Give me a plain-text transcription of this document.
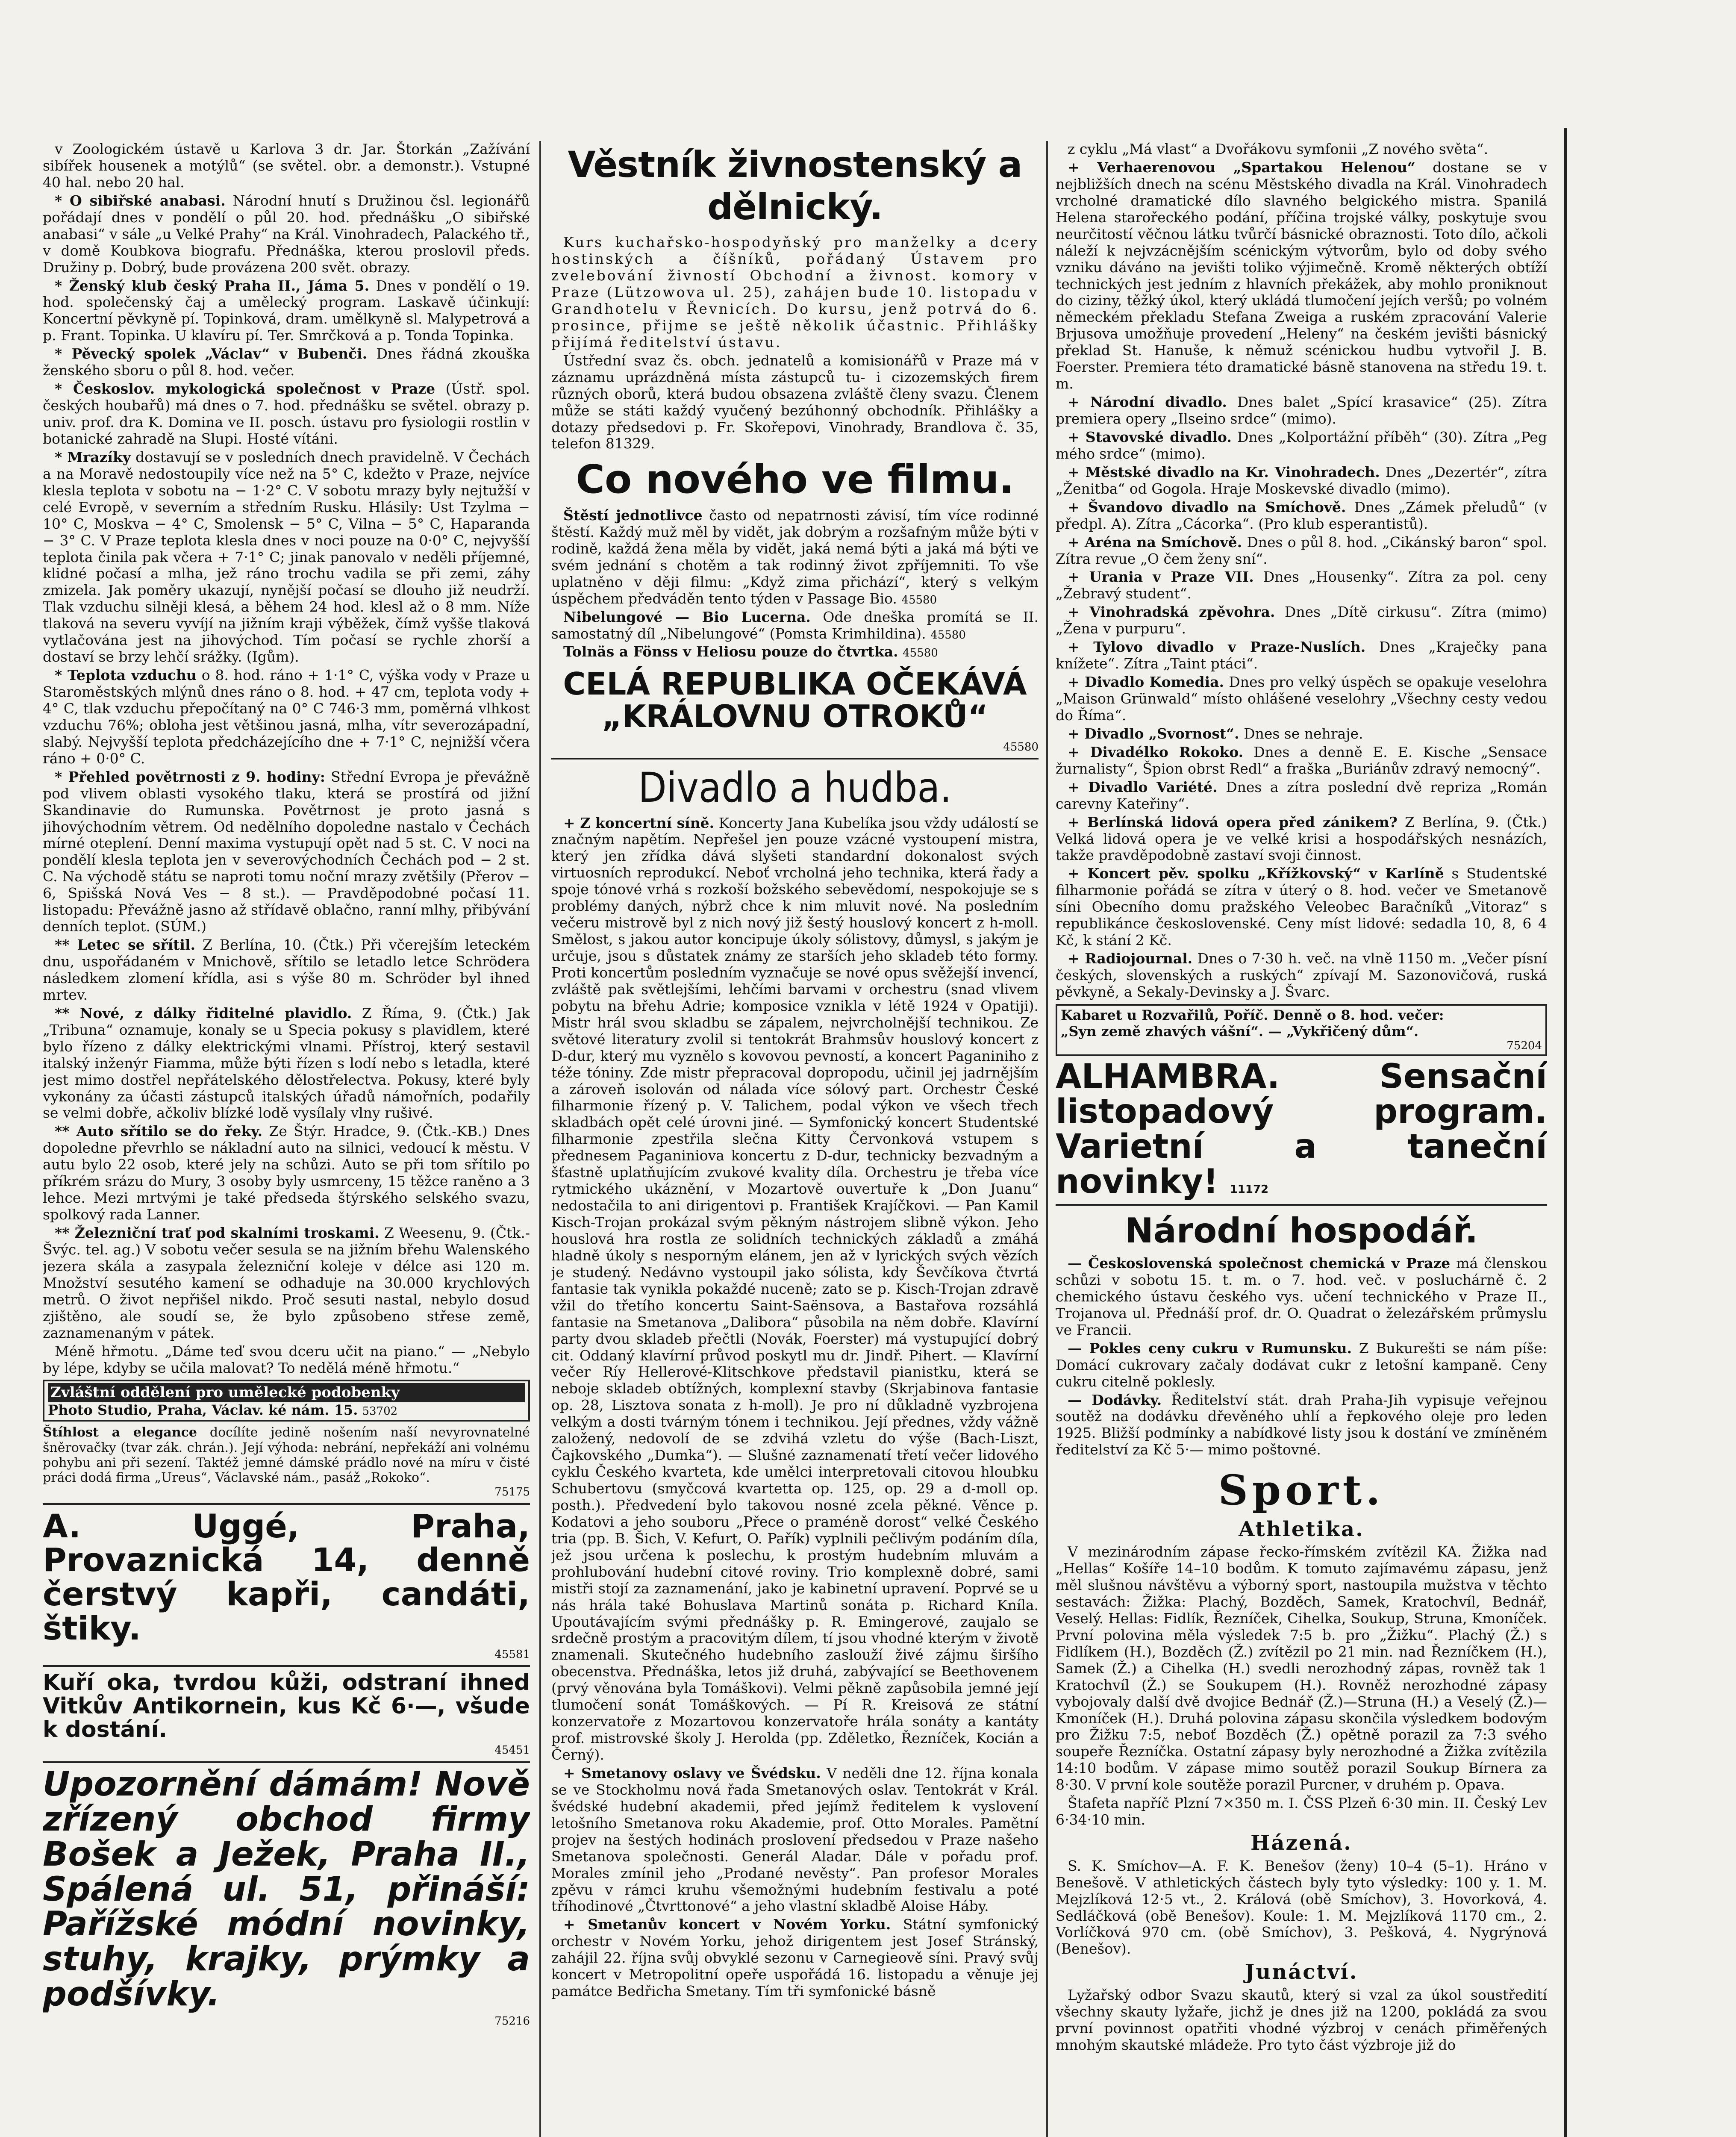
v Zoologickém ústavě u Karlova 3 dr. Jar. Štorkán „Zažívání sibířek housenek a motýlů“ (se světel. obr. a demonstr.). Vstupné 40 hal. nebo 20 hal.

* O sibiřské anabasi. Národní hnutí s Družinou čsl. legionářů pořádají dnes v pondělí o půl 20. hod. přednášku „O sibiřské anabasi“ v sále „u Velké Prahy“ na Král. Vinohradech, Palackého tř., v domě Koubkova biografu. Přednáška, kterou proslovil předs. Družiny p. Dobrý, bude provázena 200 svět. obrazy.

* Ženský klub český Praha II., Jáma 5. Dnes v pondělí o 19. hod. společenský čaj a umělecký program. Laskavě účinkují: Koncertní pěvkyně pí. Topinková, dram. umělkyně sl. Malypetrová a p. Frant. Topinka. U klavíru pí. Ter. Smrčková a p. Tonda Topinka.

* Pěvecký spolek „Václav“ v Bubenči. Dnes řádná zkouška ženského sboru o půl 8. hod. večer.

* Českoslov. mykologická společnost v Praze (Ústř. spol. českých houbařů) má dnes o 7. hod. přednášku se světel. obrazy p. univ. prof. dra K. Domina ve II. posch. ústavu pro fysiologii rostlin v botanické zahradě na Slupi. Hosté vítáni.

* Mrazíky dostavují se v posledních dnech pravidelně. V Čechách a na Moravě nedostoupily více než na 5° C, kdežto v Praze, nejvíce klesla teplota v sobotu na − 1·2° C. V sobotu mrazy byly nejtužší v celé Evropě, v severním a středním Rusku. Hlásily: Ust Tzylma − 10° C, Moskva − 4° C, Smolensk − 5° C, Vilna − 5° C, Haparanda − 3° C. V Praze teplota klesla dnes v noci pouze na 0·0° C, nejvyšší teplota činila pak včera + 7·1° C; jinak panovalo v neděli příjemné, klidné počasí a mlha, jež ráno trochu vadila se při zemi, záhy zmizela. Jak poměry ukazují, nynější počasí se dlouho již neudrží. Tlak vzduchu silněji klesá, a během 24 hod. klesl až o 8 mm. Níže tlaková na severu vyvíjí na jižním kraji výběžek, čímž vyšše tlaková vytlačována jest na jihovýchod. Tím počasí se rychle zhorší a dostaví se brzy lehčí srážky. (Igům).

* Teplota vzduchu o 8. hod. ráno + 1·1° C, výška vody v Praze u Staroměstských mlýnů dnes ráno o 8. hod. + 47 cm, teplota vody + 4° C, tlak vzduchu přepočítaný na 0° C 746·3 mm, poměrná vlhkost vzduchu 76%; obloha jest většinou jasná, mlha, vítr severozápadní, slabý. Nejvyšší teplota předcházejícího dne + 7·1° C, nejnižší včera ráno + 0·0° C.

* Přehled povětrnosti z 9. hodiny: Střední Evropa je převážně pod vlivem oblasti vysokého tlaku, která se prostírá od jižní Skandinavie do Rumunska. Povětrnost je proto jasná s jihovýchodním větrem. Od nedělního dopoledne nastalo v Čechách mírné oteplení. Denní maxima vystupují opět nad 5 st. C. V noci na pondělí klesla teplota jen v severovýchodních Čechách pod − 2 st. C. Na východě státu se naproti tomu noční mrazy zvětšily (Přerov − 6, Spišská Nová Ves − 8 st.). — Pravděpodobné počasí 11. listopadu: Převážně jasno až střídavě oblačno, ranní mlhy, přibývání denních teplot. (SÚM.)

** Letec se sřítil. Z Berlína, 10. (Čtk.) Při včerejším leteckém dnu, uspořádaném v Mnichově, sřítilo se letadlo letce Schrödera následkem zlomení křídla, asi s výše 80 m. Schröder byl ihned mrtev.

** Nové, z dálky řiditelné plavidlo. Z Říma, 9. (Čtk.) Jak „Tribuna“ oznamuje, konaly se u Specia pokusy s plavidlem, které bylo řízeno z dálky elektrickými vlnami. Přístroj, který sestavil italský inženýr Fiamma, může býti řízen s lodí nebo s letadla, které jest mimo dostřel nepřátelského dělostřelectva. Pokusy, které byly vykonány za účasti zástupců italských úřadů námořních, podařily se velmi dobře, ačkoliv blízké lodě vysílaly vlny rušivé.

** Auto sřítilo se do řeky. Ze Štýr. Hradce, 9. (Čtk.-KB.) Dnes dopoledne převrhlo se nákladní auto na silnici, vedoucí k městu. V autu bylo 22 osob, které jely na schůzi. Auto se při tom sřítilo po příkrém srázu do Mury, 3 osoby byly usmrceny, 15 těžce raněno a 3 lehce. Mezi mrtvými je také předseda štýrského selského svazu, spolkový rada Lanner.

** Železniční trať pod skalními troskami. Z Weesenu, 9. (Čtk.-Švýc. tel. ag.) V sobotu večer sesula se na jižním břehu Walenského jezera skála a zasypala železniční koleje v délce asi 120 m. Množství sesutého kamení se odhaduje na 30.000 krychlových metrů. O život nepřišel nikdo. Proč sesuti nastal, nebylo dosud zjištěno, ale soudí se, že bylo způsobeno střese země, zaznamenaným v pátek.

Méně hřmotu. „Dáme teď svou dceru učit na piano.“ — „Nebylo by lépe, kdyby se učila malovat? To nedělá méně hřmotu.“

Zvláštní oddělení pro umělecké podobenky
Photo Studio, Praha, Václav. ké nám. 15. 53702
Štíhlost a elegance docílíte jedině nošením naší nevyrovnatelné šněrovačky (tvar zák. chrán.). Její výhoda: nebrání, nepřekáží ani volnému pohybu ani při sezení. Taktéž jemné dámské prádlo nové na míru v čisté práci dodá firma „Ureus“, Václavské nám., pasáž „Rokoko“.
75175
A. Uggé, Praha, Provaznická 14, denně čerstvý kapři, candáti, štiky.
45581
Kuří oka, tvrdou kůži, odstraní ihned Vitkův Antikornein, kus Kč 6·—, všude k dostání.
45451
Upozornění dámám! Nově zřízený obchod firmy Bošek a Ježek, Praha II., Spálená ul. 51, přináší: Pařížské módní novinky, stuhy, krajky, prýmky a podšívky.
75216
Věstník živnostenský a dělnický.

Kurs kuchařsko-hospodyňský pro manželky a dcery hostinských a číšníků, pořádaný Ústavem pro zvelebování živností Obchodní a živnost. komory v Praze (Lützowova ul. 25), zahájen bude 10. listopadu v Grandhotelu v Řevnicích. Do kursu, jenž potrvá do 6. prosince, přijme se ještě několik účastnic. Přihlášky přijímá ředitelství ústavu.

Ústřední svaz čs. obch. jednatelů a komisionářů v Praze má v záznamu uprázdněná místa zástupců tu- i cizozemských firem různých oborů, která budou obsazena zvláště členy svazu. Členem může se státi každý vyučený bezúhonný obchodník. Přihlášky a dotazy předsedovi p. Fr. Skořepovi, Vinohrady, Brandlova č. 35, telefon 81329.

Co nového ve filmu.

Štěstí jednotlivce často od nepatrnosti závisí, tím více rodinné štěstí. Každý muž měl by vidět, jak dobrým a rozšafným může býti v rodině, každá žena měla by vidět, jaká nemá býti a jaká má býti ve svém jednání s chotěm a tak rodinný život zpříjemniti. To vše uplatněno v ději filmu: „Když zima přichází“, který s velkým úspěchem předváděn tento týden v Passage Bio. 45580

Nibelungové — Bio Lucerna. Ode dneška promítá se II. samostatný díl „Nibelungové“ (Pomsta Krimhildina). 45580

Tolnäs a Fönss v Heliosu pouze do čtvrtka. 45580

CELÁ REPUBLIKA OČEKÁVÁ „KRÁLOVNU OTROKŮ“
45580
Divadlo a hudba.

+ Z koncertní síně. Koncerty Jana Kubelíka jsou vždy událostí se značným napětím. Nepřešel jen pouze vzácné vystoupení mistra, který jen zřídka dává slyšeti standardní dokonalost svých virtuosních reprodukcí. Neboť vrcholná jeho technika, která řady a spoje tónové vrhá s rozkoší božského sebevědomí, nespokojuje se s problémy daných, nýbrž chce k nim mluvit nové. Na posledním večeru mistrově byl z nich nový již šestý houslový koncert z h-moll. Smělost, s jakou autor koncipuje úkoly sólistovy, důmysl, s jakým je určuje, jsou s důstatek známy ze starších jeho skladeb této formy. Proti koncertům posledním vyznačuje se nové opus svěžejší invencí, zvláště pak světlejšími, lehčími barvami v orchestru (snad vlivem pobytu na břehu Adrie; komposice vznikla v létě 1924 v Opatiji). Mistr hrál svou skladbu se zápalem, nejvrcholnější technikou. Ze světové literatury zvolil si tentokrát Brahmsův houslový koncert z D-dur, který mu vyznělo s kovovou pevností, a koncert Paganiniho z téže tóniny. Zde mistr přepracoval dopropodu, učinil jej jadrnějším a zároveň isolován od nálada více sólový part. Orchestr České filharmonie řízený p. V. Talichem, podal výkon ve všech třech skladbách opět celé úrovni jiné. — Symfonický koncert Studentské filharmonie zpestřila slečna Kitty Červonková vstupem s přednesem Paganiniova koncertu z D-dur, technicky bezvadným a šťastně uplatňujícím zvukové kvality díla. Orchestru je třeba více rytmického ukáznění, v Mozartově ouvertuře k „Don Juanu“ nedostačila to ani dirigentovi p. František Krajíčkovi. — Pan Kamil Kisch-Trojan prokázal svým pěkným nástrojem slibně výkon. Jeho houslová hra rostla ze solidních technických základů a zmáhá hladně úkoly s nesporným elánem, jen až v lyrických svých vězích je studený. Nedávno vystoupil jako sólista, kdy Ševčíkova čtvrtá fantasie tak vynikla pokaždé nuceně; zato se p. Kisch-Trojan zdravě vžil do třetího koncertu Saint-Saënsova, a Bastařova rozsáhlá fantasie na Smetanova „Dalibora“ působila na něm dobře. Klavírní party dvou skladeb přečtli (Novák, Foerster) má vystupující dobrý cit. Oddaný klavírní průvod poskytl mu dr. Jindř. Pihert. — Klavírní večer Ríy Hellerové-Klitschkove představil pianistku, která se neboje skladeb obtížných, komplexní stavby (Skrjabinova fantasie op. 28, Lisztova sonata z h-moll). Je pro ní důkladně vyzbrojena velkým a dosti tvárným tónem i technikou. Její přednes, vždy vážně založený, nedovolí de se zdvihá vzletu do výše (Bach-Liszt, Čajkovského „Dumka“). — Slušné zaznamenatí třetí večer lidového cyklu Českého kvarteta, kde umělci interpretovali citovou hloubku Schubertovu (smyčcová kvartetta op. 125, op. 29 a d-moll op. posth.). Předvedení bylo takovou nosné zcela pěkné. Věnce p. Kodatovi a jeho souboru „Přece o praméně dorost“ velké Českého tria (pp. B. Šich, V. Kefurt, O. Pařík) vyplnili pečlivým podáním díla, jež jsou určena k poslechu, k prostým hudebním mluvám a prohlubování hudební citové roviny. Trio komplexně dobré, sami mistři stojí za zaznamenání, jako je kabinetní upravení. Poprvé se u nás hrála také Bohuslava Martinů sonáta p. Richard Kníla. Upoutávajícím svými přednášky p. R. Emingerové, zaujalo se srdečně prostým a pracovitým dílem, tí jsou vhodné kterým v životě znamenali. Skutečného hudebního zaslouží živé zájmu širšího obecenstva. Přednáška, letos již druhá, zabývající se Beethovenem (prvý věnována byla Tomáškovi). Velmi pěkně zapůsobila jemné její tlumočení sonát Tomáškových. — Pí R. Kreisová ze státní konzervatoře z Mozartovou konzervatoře hrála sonáty a kantáty prof. mistrovské školy J. Herolda (pp. Zděletko, Řezníček, Kocián a Černý).

+ Smetanovy oslavy ve Švédsku. V neděli dne 12. října konala se ve Stockholmu nová řada Smetanových oslav. Tentokrát v Král. švédské hudební akademii, před jejímž ředitelem k vyslovení letošního Smetanova roku Akademie, prof. Otto Morales. Pamětní projev na šestých hodinách proslovení předsedou v Praze našeho Smetanova společnosti. Generál Aladar. Dále v pořadu prof. Morales zmínil jeho „Prodané nevěsty“. Pan profesor Morales zpěvu v rámci kruhu všemožnými hudebním festivalu a poté tříhodinové „Čtvrttonové“ a jeho vlastní skladbě Aloise Háby.

+ Smetanův koncert v Novém Yorku. Státní symfonický orchestr v Novém Yorku, jehož dirigentem jest Josef Stránský, zahájil 22. října svůj obvyklé sezonu v Carnegieově síni. Pravý svůj koncert v Metropolitní opeře uspořádá 16. listopadu a věnuje jej památce Bedřicha Smetany. Tím tři symfonické básně

z cyklu „Má vlast“ a Dvořákovu symfonii „Z nového světa“.

+ Verhaerenovou „Spartakou Helenou“ dostane se v nejbližších dnech na scénu Městského divadla na Král. Vinohradech vrcholné dramatické dílo slavného belgického mistra. Spanilá Helena starořeckého podání, příčina trojské války, poskytuje svou neurčitostí věčnou látku tvůrčí básnické obraznosti. Toto dílo, ačkoli náleží k nejvzácnějším scénickým výtvorům, bylo od doby svého vzniku dáváno na jevišti toliko výjimečně. Kromě některých obtíží technických jest jedním z hlavních překážek, aby mohlo proniknout do ciziny, těžký úkol, který ukládá tlumočení jejích veršů; po volném německém překladu Stefana Zweiga a ruském zpracování Valerie Brjusova umožňuje provedení „Heleny“ na českém jevišti básnický překlad St. Hanuše, k němuž scénickou hudbu vytvořil J. B. Foerster. Premiera této dramatické básně stanovena na středu 19. t. m.

+ Národní divadlo. Dnes balet „Spící krasavice“ (25). Zítra premiera opery „Ilseino srdce“ (mimo).

+ Stavovské divadlo. Dnes „Kolportážní příběh“ (30). Zítra „Peg mého srdce“ (mimo).

+ Městské divadlo na Kr. Vinohradech. Dnes „Dezertér“, zítra „Ženitba“ od Gogola. Hraje Moskevské divadlo (mimo).

+ Švandovo divadlo na Smíchově. Dnes „Zámek přeludů“ (v předpl. A). Zítra „Cácorka“. (Pro klub esperantistů).

+ Aréna na Smíchově. Dnes o půl 8. hod. „Cikánský baron“ spol. Zítra revue „O čem ženy sní“.

+ Urania v Praze VII. Dnes „Housenky“. Zítra za pol. ceny „Žebravý student“.

+ Vinohradská zpěvohra. Dnes „Dítě cirkusu“. Zítra (mimo) „Žena v purpuru“.

+ Tylovo divadlo v Praze-Nuslích. Dnes „Kraječky pana knížete“. Zítra „Taint ptáci“.

+ Divadlo Komedia. Dnes pro velký úspěch se opakuje veselohra „Maison Grünwald“ místo ohlášené veselohry „Všechny cesty vedou do Říma“.

+ Divadlo „Svornost“. Dnes se nehraje.

+ Divadélko Rokoko. Dnes a denně E. E. Kische „Sensace žurnalisty“, Špion obrst Redl“ a fraška „Buriánův zdravý nemocný“.

+ Divadlo Variété. Dnes a zítra poslední dvě repriza „Román carevny Kateřiny“.

+ Berlínská lidová opera před zánikem? Z Berlína, 9. (Čtk.) Velká lidová opera je ve velké krisi a hospodářských nesnázích, takže pravděpodobně zastaví svoji činnost.

+ Koncert pěv. spolku „Křížkovský“ v Karlíně s Studentské filharmonie pořádá se zítra v úterý o 8. hod. večer ve Smetanově síni Obecního domu pražského Veleobec Baračníků „Vitoraz“ s republikánce československé. Ceny míst lidové: sedadla 10, 8, 6 4 Kč, k stání 2 Kč.

+ Radiojournal. Dnes o 7·30 h. več. na vlně 1150 m. „Večer písní českých, slovenských a ruských“ zpívají M. Sazonovičová, ruská pěvkyně, a Sekaly-Devinsky a J. Švarc.

Kabaret u Rozvařilů, Poříč. Denně o 8. hod. večer:
„Syn země zhavých vášní“. — „Vykřičený dům“.
75204
ALHAMBRA. Sensační listopadový program. Varietní a taneční novinky! 11172
Národní hospodář.

— Československá společnost chemická v Praze má členskou schůzi v sobotu 15. t. m. o 7. hod. več. v posluchárně č. 2 chemického ústavu českého vys. učení technického v Praze II., Trojanova ul. Přednáší prof. dr. O. Quadrat o železářském průmyslu ve Francii.

— Pokles ceny cukru v Rumunsku. Z Bukurešti se nám píše: Domácí cukrovary začaly dodávat cukr z letošní kampaně. Ceny cukru citelně poklesly.

— Dodávky. Ředitelství stát. drah Praha-Jih vypisuje veřejnou soutěž na dodávku dřevěného uhlí a řepkového oleje pro leden 1925. Bližší podmínky a nabídkové listy jsou k dostání ve zmíněném ředitelství za Kč 5·— mimo poštovné.

Sport.
Athletika.

V mezinárodním zápase řecko-římském zvítězil KA. Žižka nad „Hellas“ Košíře 14–10 bodům. K tomuto zajímavému zápasu, jenž měl slušnou návštěvu a výborný sport, nastoupila mužstva v těchto sestavách: Žižka: Plachý, Bozděch, Samek, Kratochvíl, Bednář, Veselý. Hellas: Fidlík, Řezníček, Cihelka, Soukup, Struna, Kmoníček. První polovina měla výsledek 7:5 b. pro „Žižku“. Plachý (Ž.) s Fidlíkem (H.), Bozděch (Ž.) zvítězil po 21 min. nad Řezníčkem (H.), Samek (Ž.) a Cihelka (H.) svedli nerozhodný zápas, rovněž tak 1 Kratochvíl (Ž.) se Soukupem (H.). Rovněž nerozhodné zápasy vybojovaly další dvě dvojice Bednář (Ž.)—Struna (H.) a Veselý (Ž.)—Kmoníček (H.). Druhá polovina zápasu skončila výsledkem bodovým pro Žižku 7:5, neboť Bozděch (Ž.) opětně porazil za 7:3 svého soupeře Řezníčka. Ostatní zápasy byly nerozhodné a Žižka zvítězila 14:10 bodům. V zápase mimo soutěž porazil Soukup Bírnera za 8·30. V první kole soutěže porazil Purcner, v druhém p. Opava.

Štafeta napříč Plzní 7×350 m. I. ČSS Plzeň 6·30 min. II. Český Lev 6·34·10 min.

Házená.

S. K. Smíchov—A. F. K. Benešov (ženy) 10–4 (5–1). Hráno v Benešově. V athletických částech byly tyto výsledky: 100 y. 1. M. Mejzlíková 12·5 vt., 2. Králová (obě Smíchov), 3. Hovorková, 4. Sedláčková (obě Benešov). Koule: 1. M. Mejzlíková 1170 cm., 2. Vorlíčková 970 cm. (obě Smíchov), 3. Pešková, 4. Nygrýnová (Benešov).

Junáctví.

Lyžařský odbor Svazu skautů, který si vzal za úkol soustředití všechny skauty lyžaře, jichž je dnes již na 1200, pokládá za svou první povinnost opatřiti vhodné výzbroj v cenách přiměřených mnohým skautské mládeže. Pro tyto část výzbroje již do
